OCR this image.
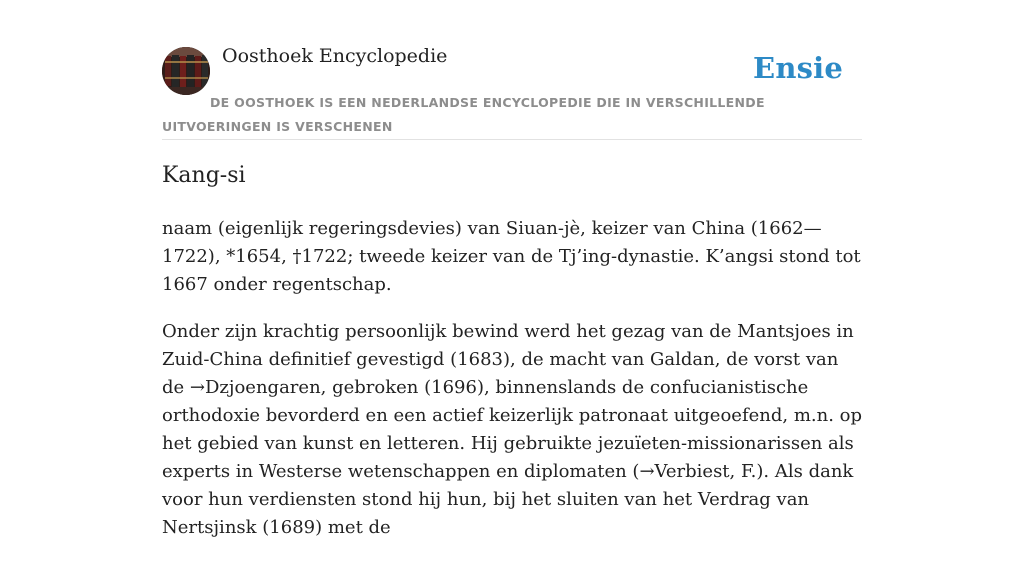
Oosthoek Encyclopedie	Ensie
DE OOSTHOEK IS EEN NEDERLANDSE ENCYCLOPEDIE DIE IN VERSCHILLENDE UITVOERINGEN IS VERSCHENEN
Kang-si

naam (eigenlijk regeringsdevies) van Siuan-jè, keizer van China (1662—1722), *1654, †1722; tweede keizer van de Tj’ing-dynastie. K’angsi stond tot 1667 onder regentschap.

Onder zijn krachtig persoonlijk bewind werd het gezag van de Mantsjoes in Zuid-China definitief gevestigd (1683), de macht van Galdan, de vorst van de →Dzjoengaren, gebroken (1696), binnenslands de confucianistische orthodoxie bevorderd en een actief keizerlijk patronaat uitgeoefend, m.n. op het gebied van kunst en letteren. Hij gebruikte jezuïeten-missionarissen als experts in Westerse wetenschappen en diplomaten (→Verbiest, F.). Als dank voor hun verdiensten stond hij hun, bij het sluiten van het Verdrag van Nertsjinsk (1689) met de
